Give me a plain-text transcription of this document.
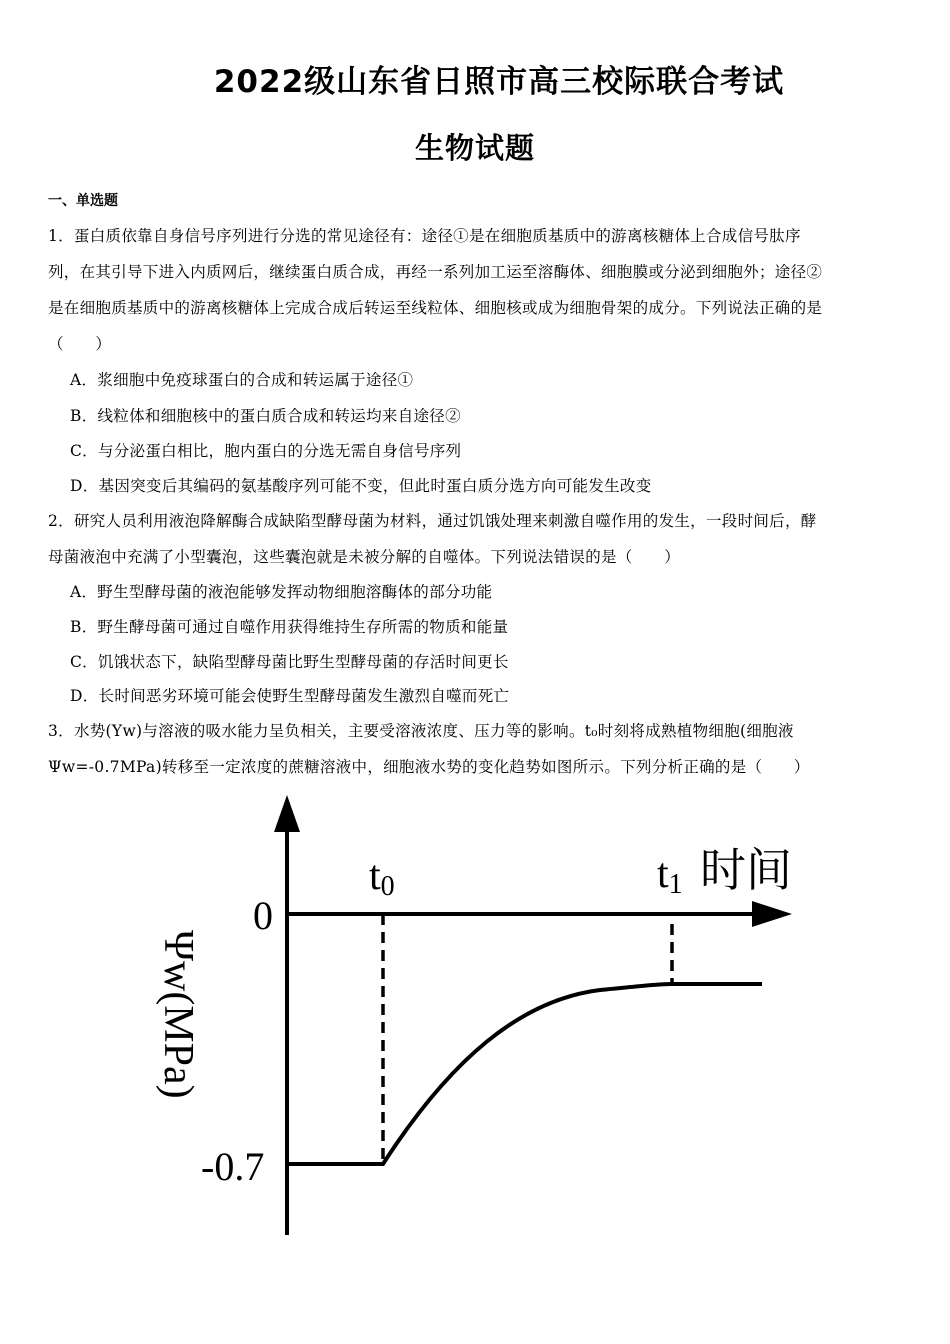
2022级山东省日照市高三校际联合考试
生物试题
一、单选题
1．蛋白质依靠自身信号序列进行分选的常见途径有：途径①是在细胞质基质中的游离核糖体上合成信号肽序
列，在其引导下进入内质网后，继续蛋白质合成，再经一系列加工运至溶酶体、细胞膜或分泌到细胞外；途径②
是在细胞质基质中的游离核糖体上完成合成后转运至线粒体、细胞核或成为细胞骨架的成分。下列说法正确的是
（　　）
A．浆细胞中免疫球蛋白的合成和转运属于途径①
B．线粒体和细胞核中的蛋白质合成和转运均来自途径②
C．与分泌蛋白相比，胞内蛋白的分选无需自身信号序列
D．基因突变后其编码的氨基酸序列可能不变，但此时蛋白质分选方向可能发生改变
2．研究人员利用液泡降解酶合成缺陷型酵母菌为材料，通过饥饿处理来刺激自噬作用的发生，一段时间后，酵
母菌液泡中充满了小型囊泡，这些囊泡就是未被分解的自噬体。下列说法错误的是（　　）
A．野生型酵母菌的液泡能够发挥动物细胞溶酶体的部分功能
B．野生酵母菌可通过自噬作用获得维持生存所需的物质和能量
C．饥饿状态下，缺陷型酵母菌比野生型酵母菌的存活时间更长
D．长时间恶劣环境可能会使野生型酵母菌发生激烈自噬而死亡
3．水势(Yw)与溶液的吸水能力呈负相关，主要受溶液浓度、压力等的影响。t₀时刻将成熟植物细胞(细胞液
Ψw=-0.7MPa)转移至一定浓度的蔗糖溶液中，细胞液水势的变化趋势如图所示。下列分析正确的是（　　）
0
-0.7
t0	t1 时间
Ψw(MPa)
